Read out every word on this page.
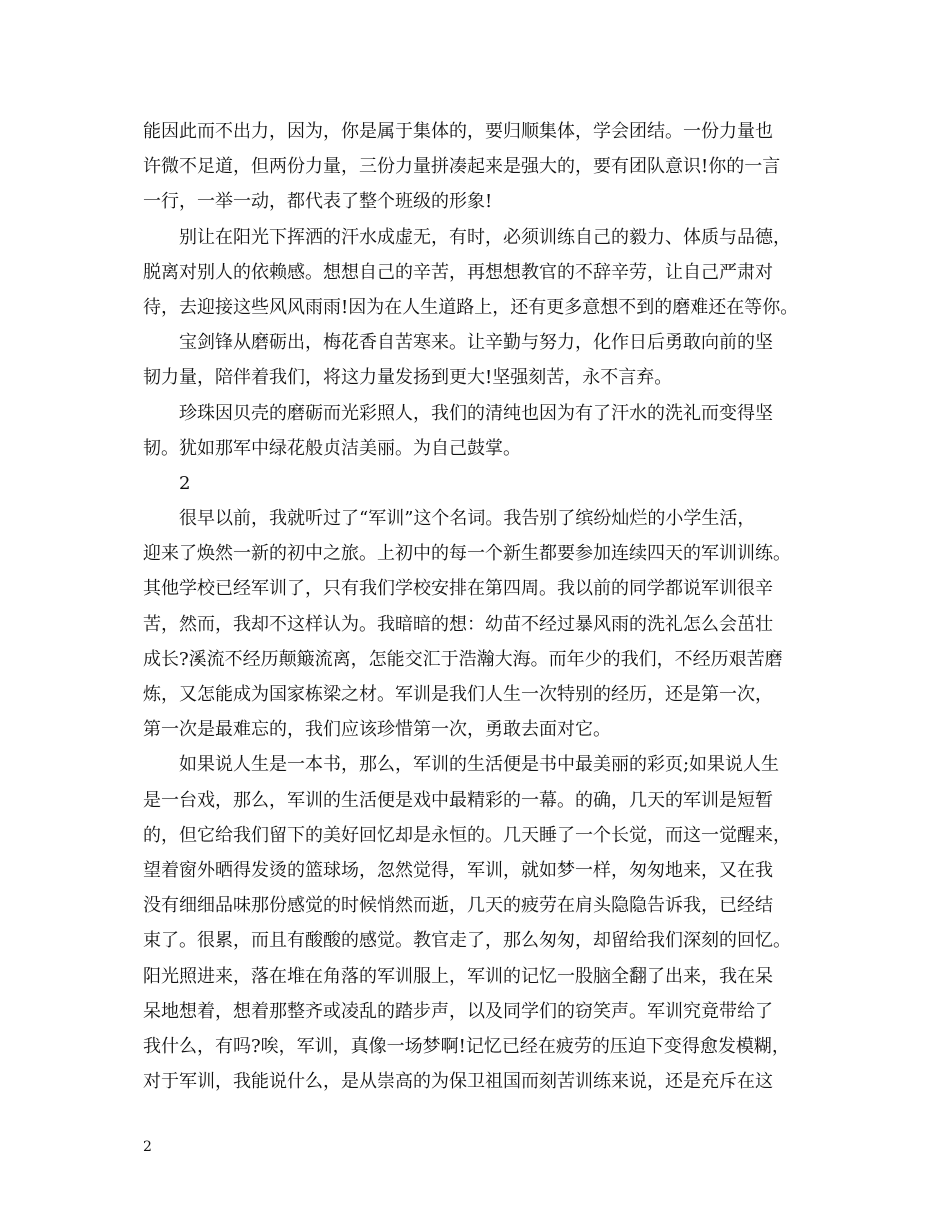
能因此而不出力，因为，你是属于集体的，要归顺集体，学会团结。一份力量也
许微不足道，但两份力量，三份力量拼凑起来是强大的，要有团队意识!你的一言
一行，一举一动，都代表了整个班级的形象!
别让在阳光下挥洒的汗水成虚无，有时，必须训练自己的毅力、体质与品德，
脱离对别人的依赖感。想想自己的辛苦，再想想教官的不辞辛劳，让自己严肃对
待，去迎接这些风风雨雨!因为在人生道路上，还有更多意想不到的磨难还在等你。
宝剑锋从磨砺出，梅花香自苦寒来。让辛勤与努力，化作日后勇敢向前的坚
韧力量，陪伴着我们，将这力量发扬到更大!坚强刻苦，永不言弃。
珍珠因贝壳的磨砺而光彩照人，我们的清纯也因为有了汗水的洗礼而变得坚
韧。犹如那军中绿花般贞洁美丽。为自己鼓掌。
2
很早以前，我就听过了“军训”这个名词。我告别了缤纷灿烂的小学生活，
迎来了焕然一新的初中之旅。上初中的每一个新生都要参加连续四天的军训训练。
其他学校已经军训了，只有我们学校安排在第四周。我以前的同学都说军训很辛
苦，然而，我却不这样认为。我暗暗的想：幼苗不经过暴风雨的洗礼怎么会茁壮
成长?溪流不经历颠簸流离，怎能交汇于浩瀚大海。而年少的我们，不经历艰苦磨
炼，又怎能成为国家栋梁之材。军训是我们人生一次特别的经历，还是第一次，
第一次是最难忘的，我们应该珍惜第一次，勇敢去面对它。
如果说人生是一本书，那么，军训的生活便是书中最美丽的彩页;如果说人生
是一台戏，那么，军训的生活便是戏中最精彩的一幕。的确，几天的军训是短暂
的，但它给我们留下的美好回忆却是永恒的。几天睡了一个长觉，而这一觉醒来，
望着窗外晒得发烫的篮球场，忽然觉得，军训，就如梦一样，匆匆地来，又在我
没有细细品味那份感觉的时候悄然而逝，几天的疲劳在肩头隐隐告诉我，已经结
束了。很累，而且有酸酸的感觉。教官走了，那么匆匆，却留给我们深刻的回忆。
阳光照进来，落在堆在角落的军训服上，军训的记忆一股脑全翻了出来，我在呆
呆地想着，想着那整齐或凌乱的踏步声，以及同学们的窃笑声。军训究竟带给了
我什么，有吗?唉，军训，真像一场梦啊!记忆已经在疲劳的压迫下变得愈发模糊，
对于军训，我能说什么，是从崇高的为保卫祖国而刻苦训练来说，还是充斥在这
2
